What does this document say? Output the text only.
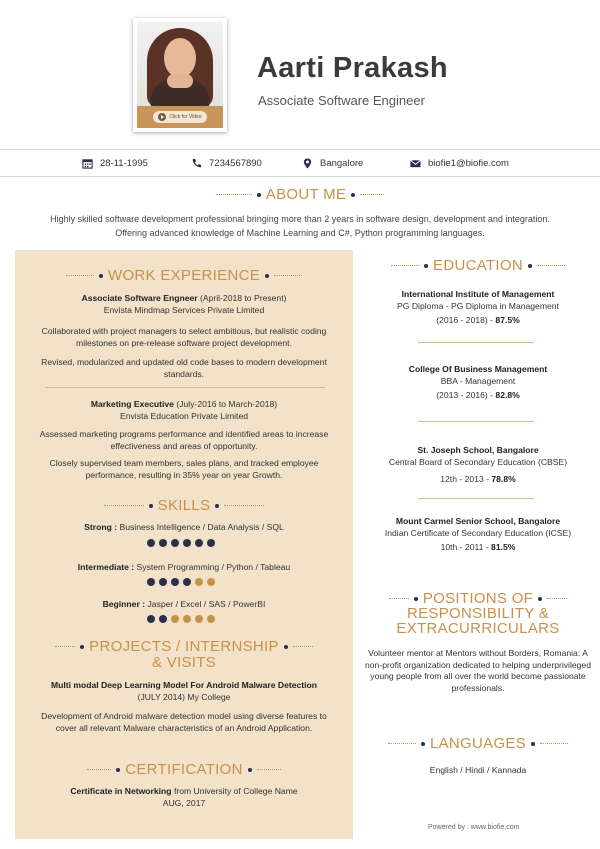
Click for Video
Aarti Prakash
Associate Software Engineer
28-11-1995	7234567890	Bangalore	biofie1@biofie.com
ABOUT ME
Highly skilled software development professional bringing more than 2 years in software design, development and integration. Offering advanced knowledge of Machine Learning and C#, Python programming languages.
WORK EXPERIENCE
Associate Software Engneer (April-2018 to Present)
Envista Mindmap Services Private Limited
Collaborated with project managers to select ambitious, but realistic coding milestones on pre-release software project development.
Revised, modularized and updated old code bases to modern development standards.
Marketing Executive (July-2016 to March-2018)
Envista Education Private Limited
Assessed marketing programs performance and identified areas to increase effectiveness and areas of opportunity.
Closely supervised team members, sales plans, and tracked employee performance, resulting in 35% year on year Growth.
SKILLS
Strong : Business Intelligence / Data Analysis / SQL
Intermediate : System Programming / Python / Tableau
Beginner : Jasper / Excel / SAS / PowerBI
PROJECTS / INTERNSHIP
& VISITS
Multi modal Deep Learning Model For Android Malware Detection
(JULY 2014) My College
Development of Android malware detection model using diverse features to cover all relevant Malware characteristics of an Android Application.
CERTIFICATION
Certificate in Networking from University of College Name
AUG, 2017
EDUCATION
International Institute of Management
PG Diploma - PG Diploma in Management
(2016 - 2018) - 87.5%
College Of Business Management
BBA - Management
(2013 - 2016) - 82.8%
St. Joseph School, Bangalore
Central Board of Secondary Education (CBSE)
12th - 2013 - 78.8%
Mount Carmel Senior School, Bangalore
Indian Certificate of Secondary Education (ICSE)
10th - 2011 - 81.5%
POSITIONS OF
RESPONSIBILITY &
EXTRACURRICULARS
Volunteer mentor at Mentors without Borders, Romania: A non-profit organization dedicated to helping underprivileged young people from all over the world become passionate professionals.
LANGUAGES
English / Hindi / Kannada
Powered by : www.biofie.com
